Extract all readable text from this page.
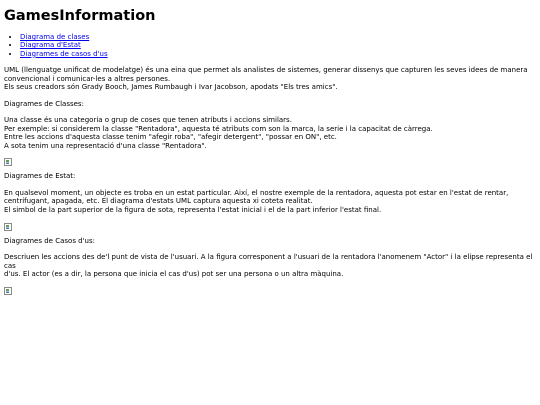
GamesInformation
• Diagrama de clases
• Diagrama d'Estat
• Diagrames de casos d'us
UML (llenguatge unificat de modelatge) és una eina que permet als analistes de sistemes, generar dissenys que capturen les seves idees de manera
convencional i comunicar-les a altres persones.
Els seus creadors són Grady Booch, James Rumbaugh i Ivar Jacobson, apodats "Els tres amics".

Diagrames de Classes:

Una classe és una categoria o grup de coses que tenen atributs i accions similars.
Per exemple: si considerem la classe "Rentadora", aquesta té atributs com son la marca, la serie i la capacitat de càrrega.
Entre les accions d'aquesta classe tenim "afegir roba", "afegir detergent", "possar en ON", etc.
A sota tenim una representació d'una classe "Rentadora".

Diagrames de Estat:

En qualsevol moment, un objecte es troba en un estat particular. Així, el nostre exemple de la rentadora, aquesta pot estar en l'estat de rentar,
centrifugant, apagada, etc. El diagrama d'estats UML captura aquesta xi coteta realitat.
El simbol de la part superior de la figura de sota, representa l'estat inicial i el de la part inferior l'estat final.

Diagrames de Casos d'us:

Descriuen les accions des de'l punt de vista de l'usuari. A la figura corresponent a l'usuari de la rentadora l'anomenem "Actor" i la elipse representa el cas
d'us. El actor (es a dir, la persona que inicia el cas d'us) pot ser una persona o un altra màquina.
